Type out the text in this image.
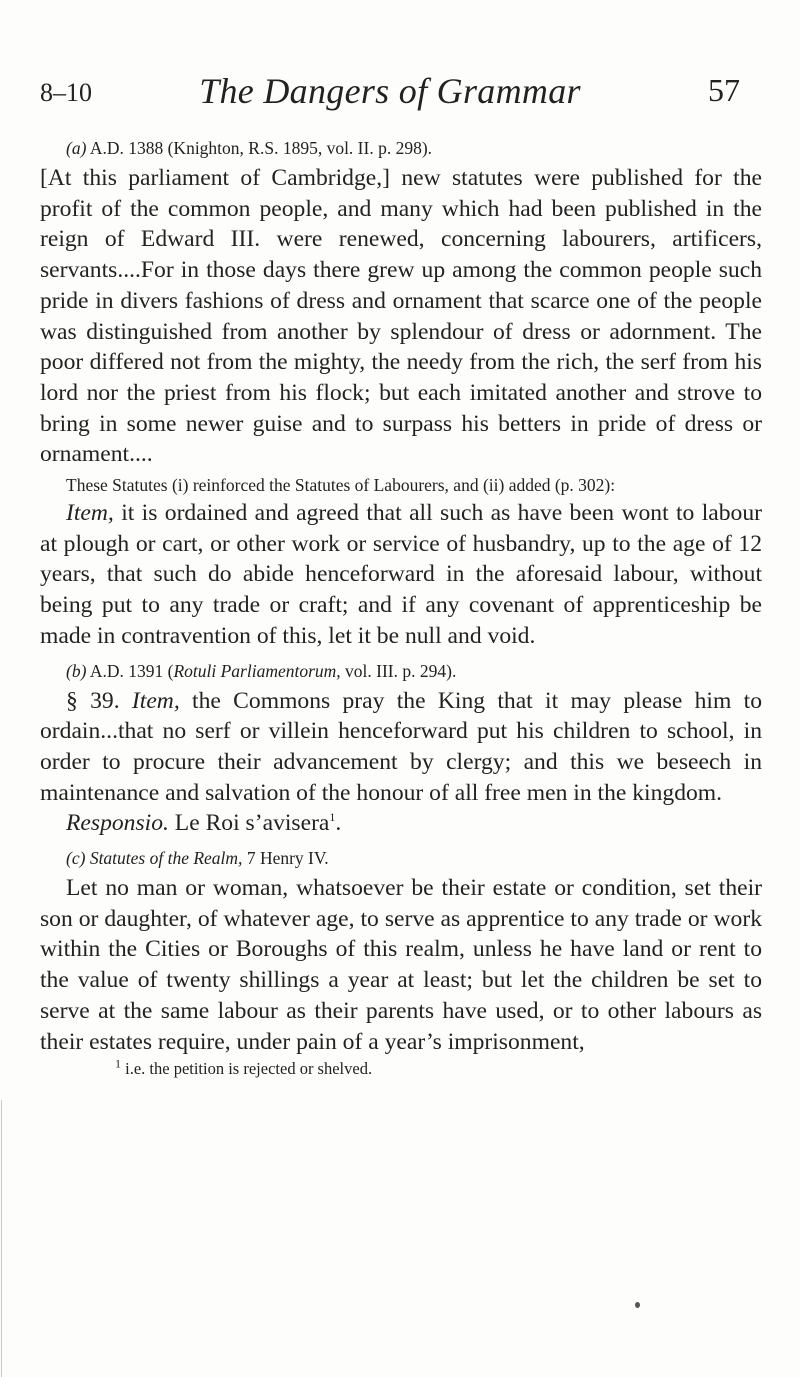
8–10	The Dangers of Grammar	57

(a) A.D. 1388 (Knighton, R.S. 1895, vol. II. p. 298).

[At this parliament of Cambridge,] new statutes were published for the profit of the common people, and many which had been published in the reign of Edward III. were renewed, concerning labourers, artificers, servants....For in those days there grew up among the common people such pride in divers fashions of dress and ornament that scarce one of the people was distinguished from another by splendour of dress or adornment. The poor differed not from the mighty, the needy from the rich, the serf from his lord nor the priest from his flock; but each imitated another and strove to bring in some newer guise and to surpass his betters in pride of dress or ornament....

These Statutes (i) reinforced the Statutes of Labourers, and (ii) added (p. 302):

Item, it is ordained and agreed that all such as have been wont to labour at plough or cart, or other work or service of husbandry, up to the age of 12 years, that such do abide henceforward in the aforesaid labour, without being put to any trade or craft; and if any covenant of apprenticeship be made in contravention of this, let it be null and void.

(b) A.D. 1391 (Rotuli Parliamentorum, vol. III. p. 294).

§ 39. Item, the Commons pray the King that it may please him to ordain...that no serf or villein henceforward put his children to school, in order to procure their advancement by clergy; and this we beseech in maintenance and salvation of the honour of all free men in the kingdom.

Responsio. Le Roi s’avisera$^1$.

(c) Statutes of the Realm, 7 Henry IV.

Let no man or woman, whatsoever be their estate or condition, set their son or daughter, of whatever age, to serve as apprentice to any trade or work within the Cities or Boroughs of this realm, unless he have land or rent to the value of twenty shillings a year at least; but let the children be set to serve at the same labour as their parents have used, or to other labours as their estates require, under pain of a year’s imprisonment,

$^1$ i.e. the petition is rejected or shelved.
